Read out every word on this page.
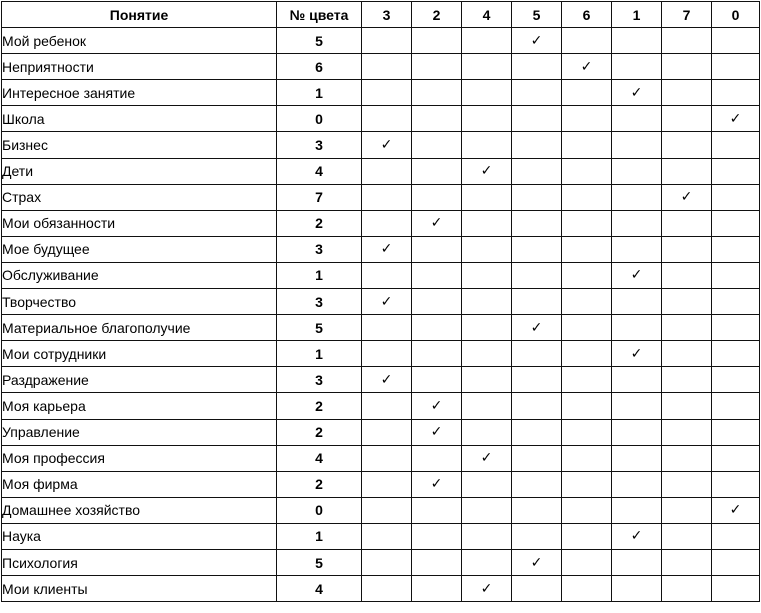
Понятие	№ цвета	3	2	4	5	6	1	7	0
Мой ребенок	5				✓				
Неприятности	6					✓			
Интересное занятие	1						✓		
Школа	0								✓
Бизнес	3	✓							
Дети	4			✓					
Страх	7							✓	
Мои обязанности	2		✓						
Мое будущее	3	✓							
Обслуживание	1						✓		
Творчество	3	✓							
Материальное благополучие	5				✓				
Мои сотрудники	1						✓		
Раздражение	3	✓							
Моя карьера	2		✓						
Управление	2		✓						
Моя профессия	4			✓					
Моя фирма	2		✓						
Домашнее хозяйство	0								✓
Наука	1						✓		
Психология	5				✓				
Мои клиенты	4			✓					
